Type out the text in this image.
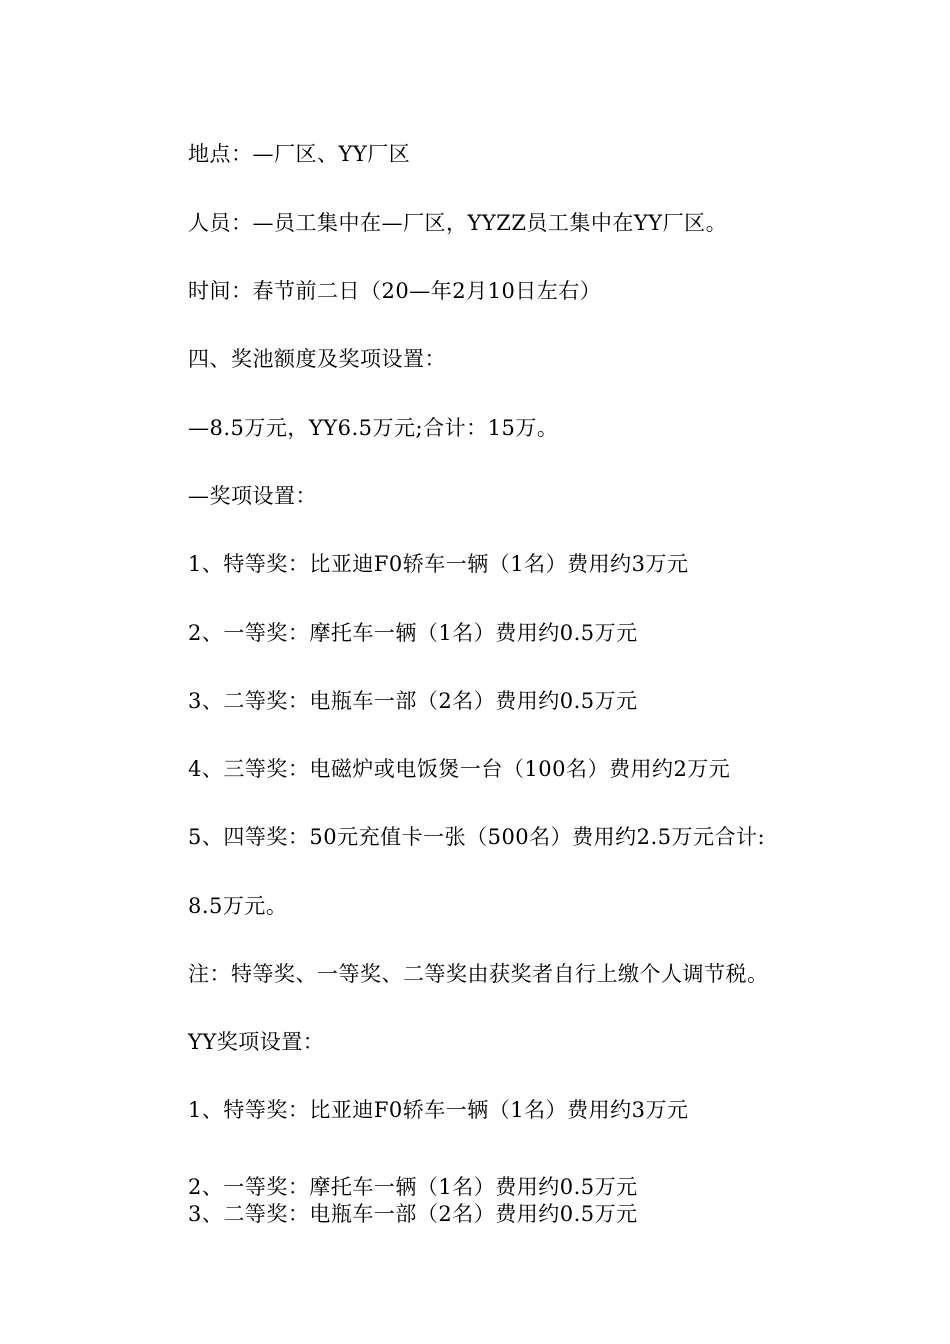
地点：—厂区、YY厂区
人员：—员工集中在—厂区，YYZZ员工集中在YY厂区。
时间：春节前二日（20—年2月10日左右）
四、奖池额度及奖项设置：
—8.5万元，YY6.5万元;合计：15万。
—奖项设置：
1、特等奖：比亚迪F0轿车一辆（1名）费用约3万元
2、一等奖：摩托车一辆（1名）费用约0.5万元
3、二等奖：电瓶车一部（2名）费用约0.5万元
4、三等奖：电磁炉或电饭煲一台（100名）费用约2万元
5、四等奖：50元充值卡一张（500名）费用约2.5万元合计:
8.5万元。
注：特等奖、一等奖、二等奖由获奖者自行上缴个人调节税。
YY奖项设置：
1、特等奖：比亚迪F0轿车一辆（1名）费用约3万元
2、一等奖：摩托车一辆（1名）费用约0.5万元
3、二等奖：电瓶车一部（2名）费用约0.5万元
